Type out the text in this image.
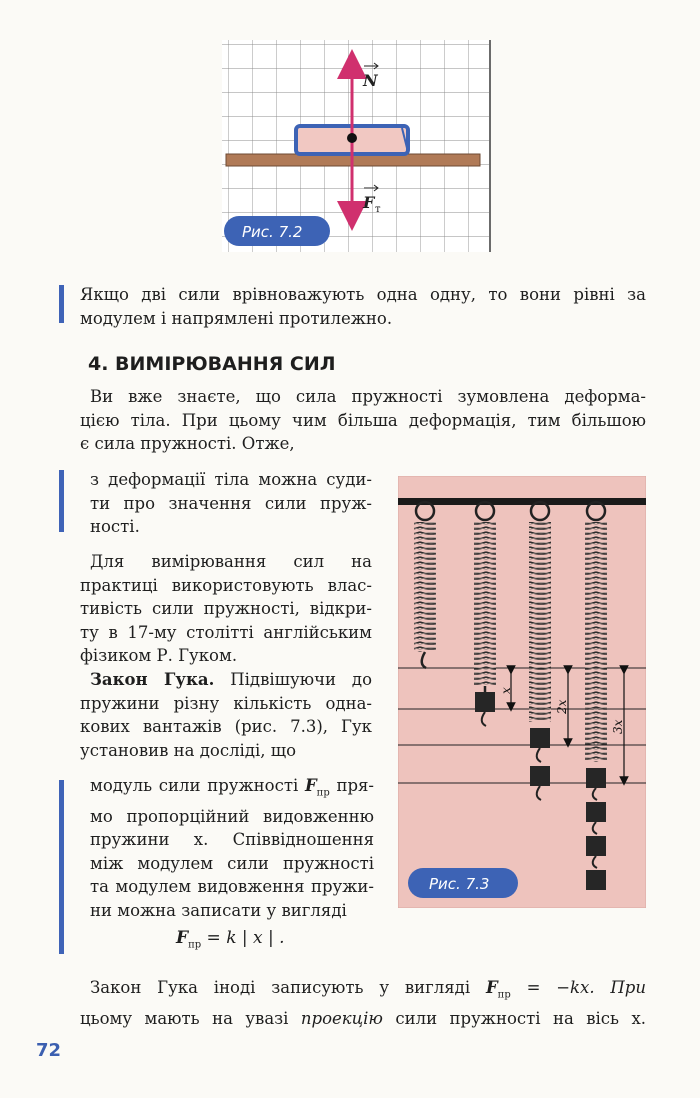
N
F т
Рис. 7.2
Якщо дві сили врівноважують одна одну, то вони рівні за
модулем і напрямлені протилежно.
4. ВИМІРЮВАННЯ СИЛ
Ви вже знаєте, що сила пружності зумовлена деформа-
цією тіла. При цьому чим більша деформація, тим більшою
є сила пружності. Отже,
з деформації тіла можна суди-
ти про значення сили пруж-
ності.
Для вимірювання сил на
практиці використовують влас-
тивість сили пружності, відкри-
ту в 17-му столітті англійським
фізиком Р. Гуком.
Закон Гука. Підвішуючи до
пружини різну кількість одна-
кових вантажів (рис. 7.3), Гук
установив на досліді, що
модуль сили пружності $F_{пр}$ пря-
мо пропорційний видовженню
пружини x. Співвідношення
між модулем сили пружності
та модулем видовження пружи-
ни можна записати у вигляді
$F_{пр} = k$ | x | .
x
2x
3x
Рис. 7.3
Закон Гука іноді записують у вигляді $F_{пр} = -kx$. При
цьому мають на увазі проекцію сили пружності на вісь x.
72
